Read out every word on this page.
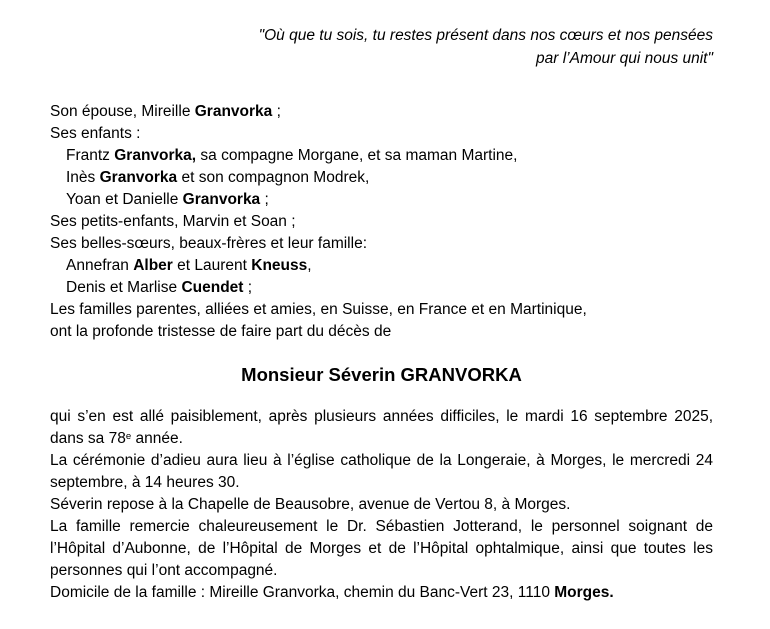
"Où que tu sois, tu restes présent dans nos cœurs et nos pensées
par l’Amour qui nous unit"
Son épouse, Mireille Granvorka ;
Ses enfants :
Frantz Granvorka, sa compagne Morgane, et sa maman Martine,
Inès Granvorka et son compagnon Modrek,
Yoan et Danielle Granvorka ;
Ses petits-enfants, Marvin et Soan ;
Ses belles-sœurs, beaux-frères et leur famille:
Annefran Alber et Laurent Kneuss,
Denis et Marlise Cuendet ;
Les familles parentes, alliées et amies, en Suisse, en France et en Martinique,
ont la profonde tristesse de faire part du décès de
Monsieur Séverin GRANVORKA

qui s’en est allé paisiblement, après plusieurs années difficiles, le mardi 16 septembre 2025, dans sa 78e année.

La cérémonie d’adieu aura lieu à l’église catholique de la Longeraie, à Morges, le mercredi 24 septembre, à 14 heures 30.

Séverin repose à la Chapelle de Beausobre, avenue de Vertou 8, à Morges.

La famille remercie chaleureusement le Dr. Sébastien Jotterand, le personnel soignant de l’Hôpital d’Aubonne, de l’Hôpital de Morges et de l’Hôpital ophtalmique, ainsi que toutes les personnes qui l’ont accompagné.

Domicile de la famille : Mireille Granvorka, chemin du Banc-Vert 23, 1110 Morges.
